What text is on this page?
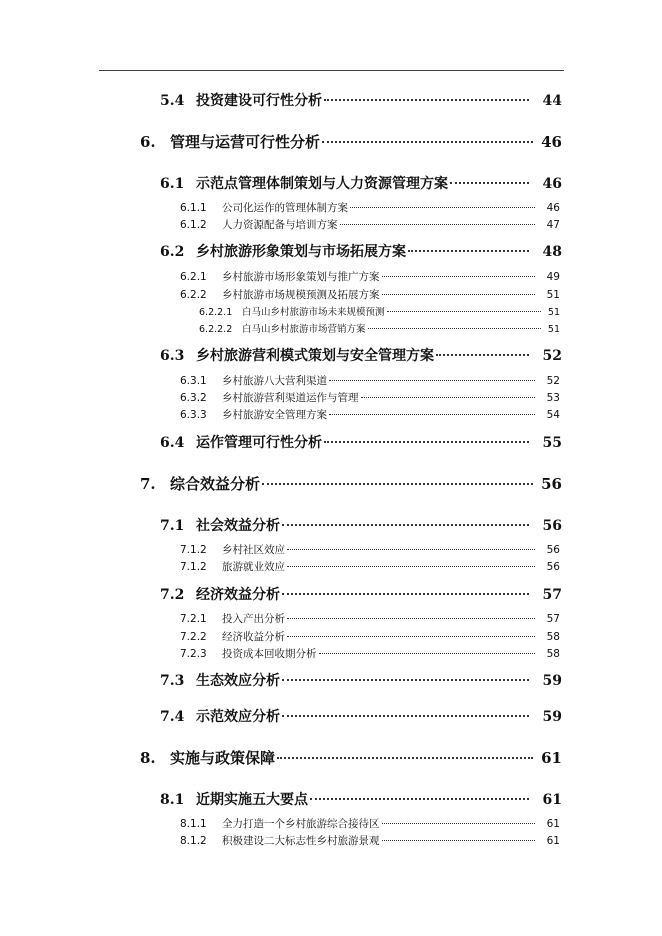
5.4 投资建设可行性分析	44
6. 管理与运营可行性分析	46
6.1 示范点管理体制策划与人力资源管理方案	46
6.1.1	公司化运作的管理体制方案	46
6.1.2	人力资源配备与培训方案	47
6.2 乡村旅游形象策划与市场拓展方案	48
6.2.1	乡村旅游市场形象策划与推广方案	49
6.2.2	乡村旅游市场规模预测及拓展方案	51
6.2.2.1	白马山乡村旅游市场未来规模预测	51
6.2.2.2	白马山乡村旅游市场营销方案	51
6.3 乡村旅游营利模式策划与安全管理方案	52
6.3.1	乡村旅游八大营利渠道	52
6.3.2	乡村旅游营利渠道运作与管理	53
6.3.3	乡村旅游安全管理方案	54
6.4 运作管理可行性分析	55
7. 综合效益分析	56
7.1 社会效益分析	56
7.1.2	乡村社区效应	56
7.1.2	旅游就业效应	56
7.2 经济效益分析	57
7.2.1	投入产出分析	57
7.2.2	经济收益分析	58
7.2.3	投资成本回收期分析	58
7.3 生态效应分析	59
7.4 示范效应分析	59
8. 实施与政策保障	61
8.1 近期实施五大要点	61
8.1.1	全力打造一个乡村旅游综合接待区	61
8.1.2	积极建设二大标志性乡村旅游景观	61
